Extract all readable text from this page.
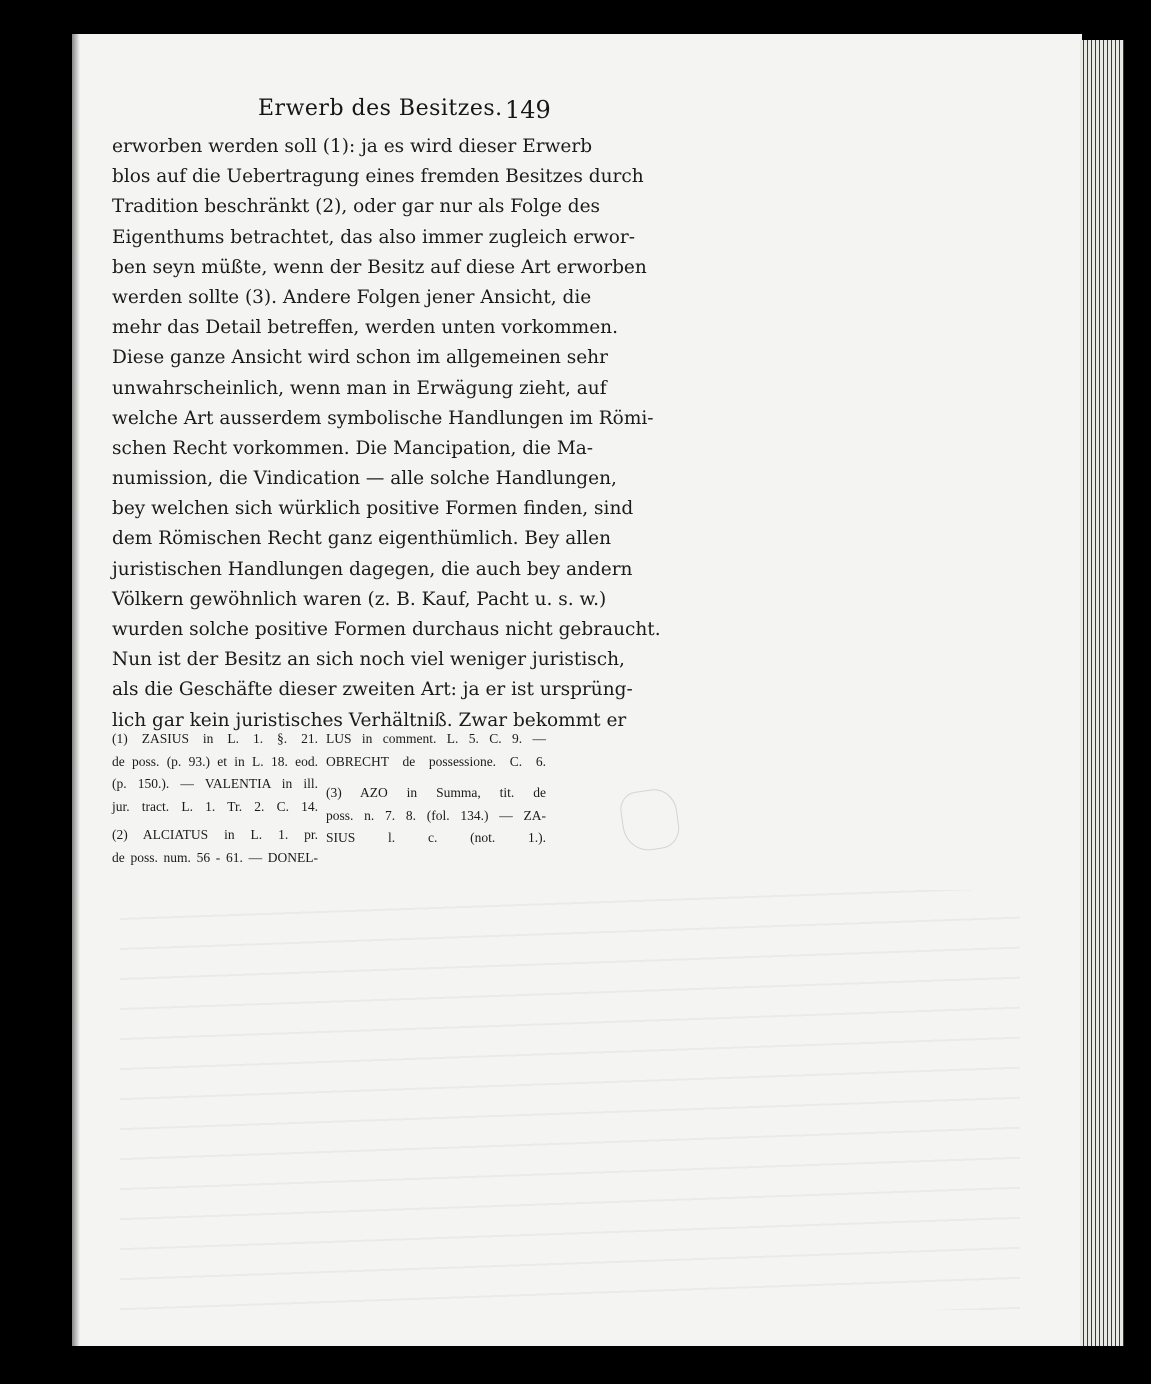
Erwerb des Besitzes. 149
erworben werden soll (1): ja es wird dieser Erwerb
blos auf die Uebertragung eines fremden Besitzes durch
Tradition beschränkt (2), oder gar nur als Folge des
Eigenthums betrachtet, das also immer zugleich erwor-
ben seyn müßte, wenn der Besitz auf diese Art erworben
werden sollte (3). Andere Folgen jener Ansicht, die
mehr das Detail betreffen, werden unten vorkommen.
Diese ganze Ansicht wird schon im allgemeinen sehr
unwahrscheinlich, wenn man in Erwägung zieht, auf
welche Art ausserdem symbolische Handlungen im Römi-
schen Recht vorkommen. Die Mancipation, die Ma-
numission, die Vindication — alle solche Handlungen,
bey welchen sich würklich positive Formen finden, sind
dem Römischen Recht ganz eigenthümlich. Bey allen
juristischen Handlungen dagegen, die auch bey andern
Völkern gewöhnlich waren (z. B. Kauf, Pacht u. s. w.)
wurden solche positive Formen durchaus nicht gebraucht.
Nun ist der Besitz an sich noch viel weniger juristisch,
als die Geschäfte dieser zweiten Art: ja er ist ursprüng-
lich gar kein juristisches Verhältniß. Zwar bekommt er
(1) ZASIUS in L. 1. §. 21.
de poss. (p. 93.) et in L. 18. eod.
(p. 150.). — VALENTIA in ill.
jur. tract. L. 1. Tr. 2. C. 14.
(2) ALCIATUS in L. 1. pr.
de poss. num. 56 - 61. — DONEL-
LUS in comment. L. 5. C. 9. —
OBRECHT de possessione. C. 6.
(3) AZO in Summa, tit. de
poss. n. 7. 8. (fol. 134.) — ZA-
SIUS l. c. (not. 1.).
